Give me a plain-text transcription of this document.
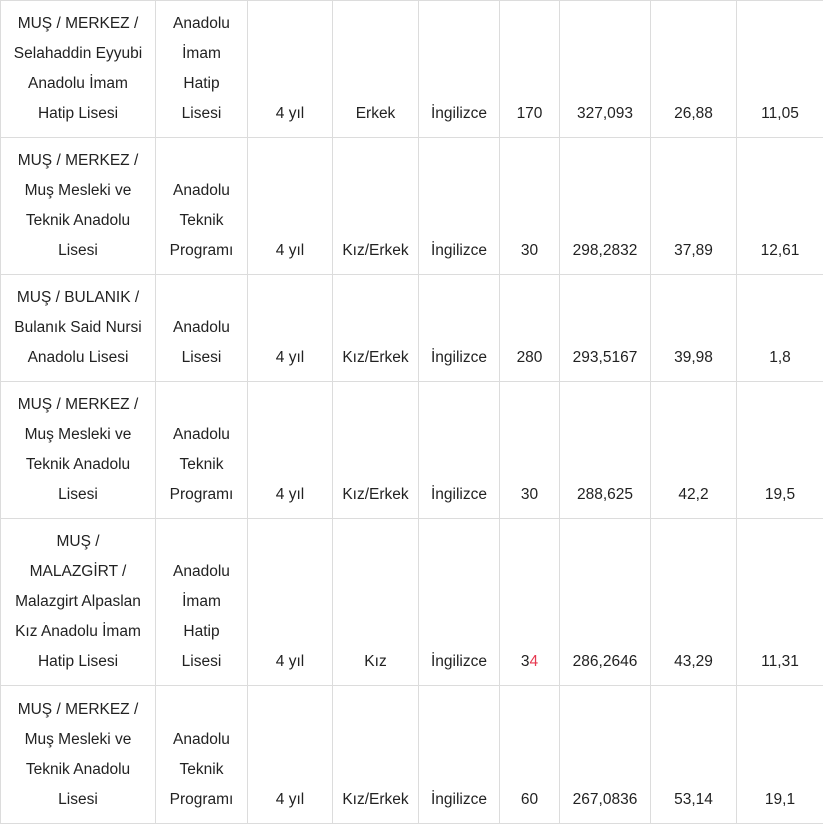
MUŞ / MERKEZ /
Selahaddin Eyyubi
Anadolu İmam
Hatip Lisesi	Anadolu
İmam
Hatip
Lisesi	4 yıl	Erkek	İngilizce	170	327,093	26,88	11,05
MUŞ / MERKEZ /
Muş Mesleki ve
Teknik Anadolu
Lisesi	Anadolu
Teknik
Programı	4 yıl	Kız/Erkek	İngilizce	30	298,2832	37,89	12,61
MUŞ / BULANIK /
Bulanık Said Nursi
Anadolu Lisesi	Anadolu
Lisesi	4 yıl	Kız/Erkek	İngilizce	280	293,5167	39,98	1,8
MUŞ / MERKEZ /
Muş Mesleki ve
Teknik Anadolu
Lisesi	Anadolu
Teknik
Programı	4 yıl	Kız/Erkek	İngilizce	30	288,625	42,2	19,5
MUŞ /
MALAZGİRT /
Malazgirt Alpaslan
Kız Anadolu İmam
Hatip Lisesi	Anadolu
İmam
Hatip
Lisesi	4 yıl	Kız	İngilizce	34	286,2646	43,29	11,31
MUŞ / MERKEZ /
Muş Mesleki ve
Teknik Anadolu
Lisesi	Anadolu
Teknik
Programı	4 yıl	Kız/Erkek	İngilizce	60	267,0836	53,14	19,1
